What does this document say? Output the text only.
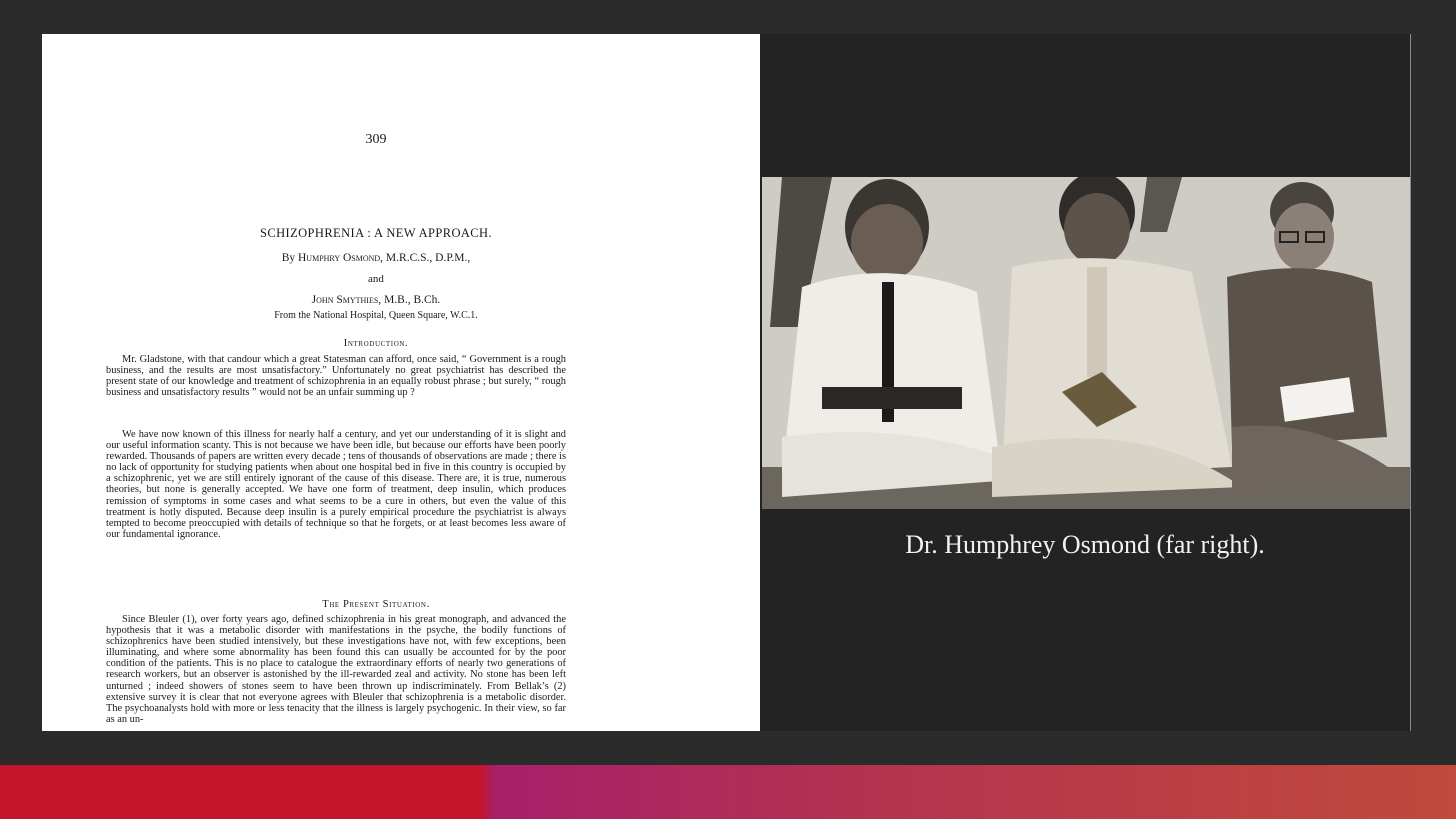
309
SCHIZOPHRENIA : A NEW APPROACH.
By Humphry Osmond, M.R.C.S., D.P.M.,
and
John Smythies, M.B., B.Ch.
From the National Hospital, Queen Square, W.C.1.
Introduction.

Mr. Gladstone, with that candour which a great Statesman can afford, once said, “ Government is a rough business, and the results are most unsatisfactory.” Unfortunately no great psychiatrist has described the present state of our knowledge and treatment of schizophrenia in an equally robust phrase ; but surely, “ rough business and unsatisfactory results ” would not be an unfair summing up ?

We have now known of this illness for nearly half a century, and yet our understanding of it is slight and our useful information scanty. This is not because we have been idle, but because our efforts have been poorly rewarded. Thousands of papers are written every decade ; tens of thousands of observations are made ; there is no lack of opportunity for studying patients when about one hospital bed in five in this country is occupied by a schizophrenic, yet we are still entirely ignorant of the cause of this disease. There are, it is true, numerous theories, but none is generally accepted. We have one form of treatment, deep insulin, which produces remission of symptoms in some cases and what seems to be a cure in others, but even the value of this treatment is hotly disputed. Because deep insulin is a purely empirical procedure the psychiatrist is always tempted to become preoccupied with details of technique so that he forgets, or at least becomes less aware of our fundamental ignorance.

The Present Situation.

Since Bleuler (1), over forty years ago, defined schizophrenia in his great monograph, and advanced the hypothesis that it was a metabolic disorder with manifestations in the psyche, the bodily functions of schizophrenics have been studied intensively, but these investigations have not, with few exceptions, been illuminating, and where some abnormality has been found this can usually be accounted for by the poor condition of the patients. This is no place to catalogue the extraordinary efforts of nearly two generations of research workers, but an observer is astonished by the ill-rewarded zeal and activity. No stone has been left unturned ; indeed showers of stones seem to have been thrown up indiscriminately. From Bellak’s (2) extensive survey it is clear that not everyone agrees with Bleuler that schizophrenia is a metabolic disorder. The psychoanalysts hold with more or less tenacity that the illness is largely psychogenic. In their view, so far as an un-

Dr. Humphrey Osmond (far right).
